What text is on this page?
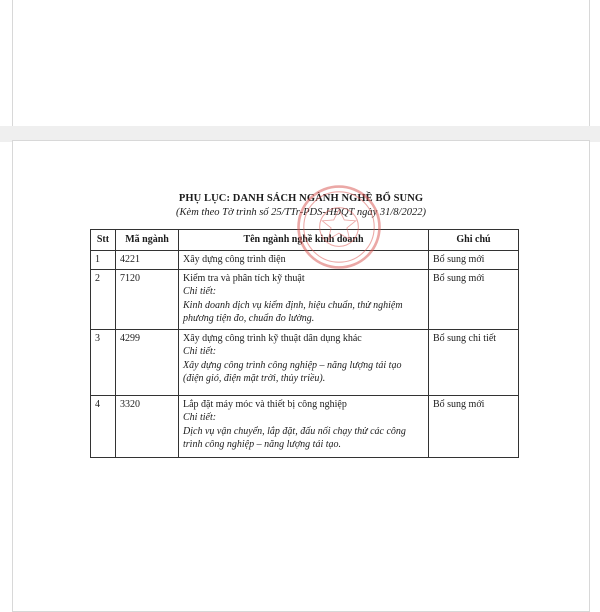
PHỤ LỤC: DANH SÁCH NGÀNH NGHỀ BỔ SUNG
(Kèm theo Tờ trình số 25/TTr-PDS-HĐQT ngày 31/8/2022)
Stt	Mã ngành	Tên ngành nghề kinh doanh	Ghi chú
1	4221	Xây dựng công trình điện	Bổ sung mới
2	7120	Kiểm tra và phân tích kỹ thuật
Chi tiết:
Kinh doanh dịch vụ kiểm định, hiệu chuẩn, thử nghiệm phương tiện đo, chuẩn đo lường.	Bổ sung mới
3	4299	Xây dựng công trình kỹ thuật dân dụng khác
Chi tiết:
Xây dựng công trình công nghiệp – năng lượng tái tạo (điện gió, điện mặt trời, thủy triều).	Bổ sung chi tiết
4	3320	Lắp đặt máy móc và thiết bị công nghiệp
Chi tiết:
Dịch vụ vận chuyển, lắp đặt, đấu nối chạy thử các công trình công nghiệp – năng lượng tái tạo.	Bổ sung mới
